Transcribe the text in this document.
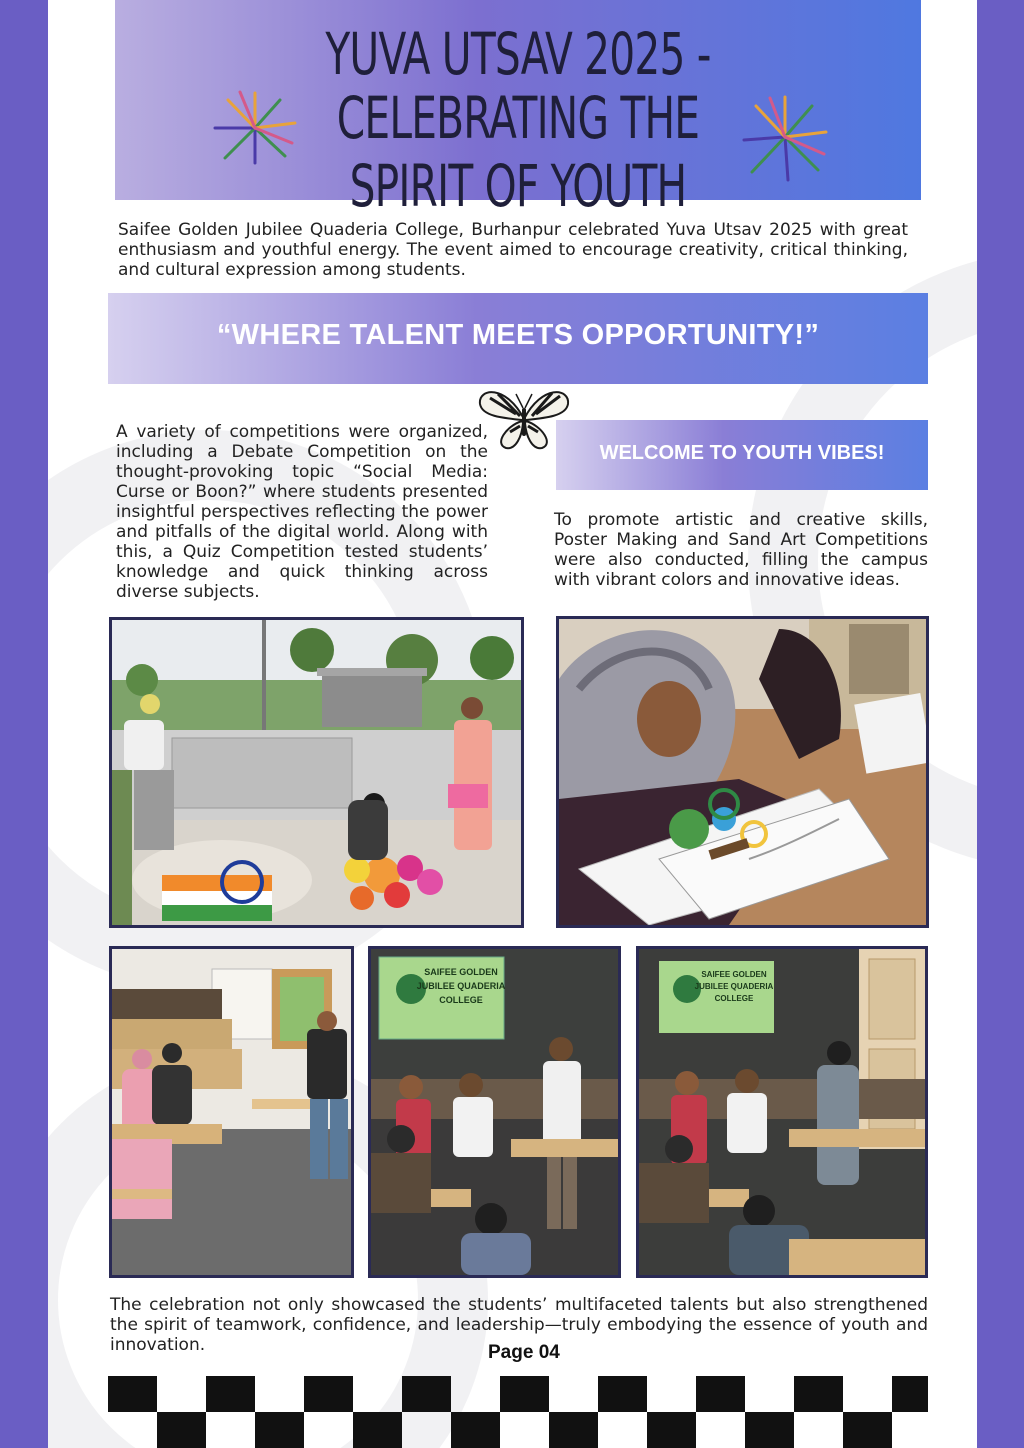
YUVA UTSAV 2025 - CELEBRATING THE
SPIRIT OF YOUTH
Saifee Golden Jubilee Quaderia College, Burhanpur celebrated Yuva Utsav 2025 with great enthusiasm and youthful energy. The event aimed to encourage creativity, critical thinking, and cultural expression among students.
“WHERE TALENT MEETS OPPORTUNITY!”
A variety of competitions were organized, including a Debate Competition on the thought-provoking topic “Social Media: Curse or Boon?” where students presented insightful perspectives reflecting the power and pitfalls of the digital world. Along with this, a Quiz Competition tested students’ knowledge and quick thinking across diverse subjects.
WELCOME TO YOUTH VIBES!
To promote artistic and creative skills, Poster Making and Sand Art Competitions were also conducted, filling the campus with vibrant colors and innovative ideas.
SAIFEE GOLDEN
JUBILEE QUADERIA
COLLEGE
SAIFEE GOLDEN
JUBILEE QUADERIA
COLLEGE
The celebration not only showcased the students’ multifaceted talents but also strengthened the spirit of teamwork, confidence, and leadership—truly embodying the essence of youth and innovation.	Page 04
